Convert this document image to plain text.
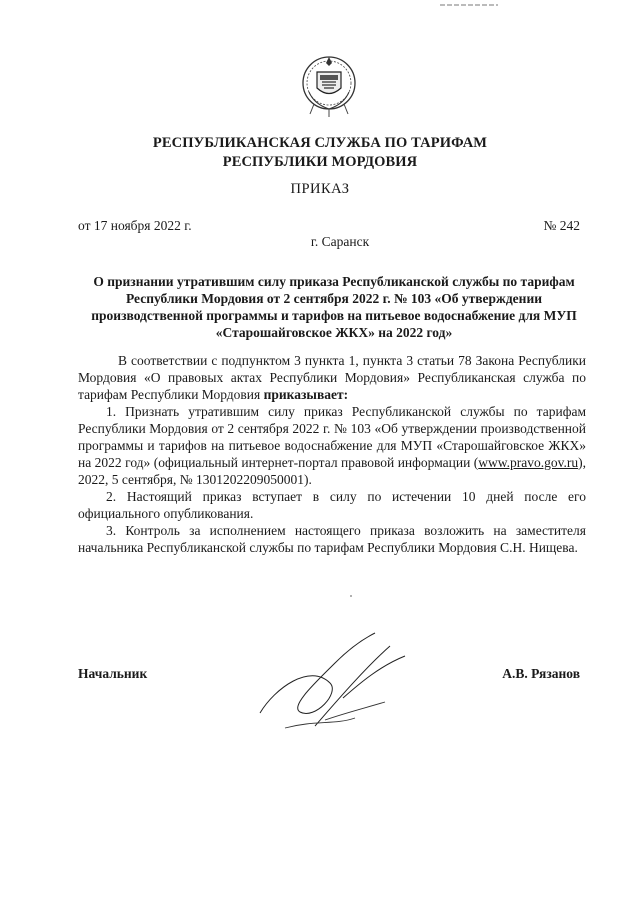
РЕСПУБЛИКАНСКАЯ СЛУЖБА ПО ТАРИФАМ
РЕСПУБЛИКИ МОРДОВИЯ
ПРИКАЗ
от 17 ноября 2022 г.	№ 242
г. Саранск
О признании утратившим силу приказа Республиканской службы по тарифам Республики Мордовия от 2 сентября 2022 г. № 103 «Об утверждении производственной программы и тарифов на питьевое водоснабжение для МУП «Старошайговское ЖКХ» на 2022 год»

В соответствии с подпунктом 3 пункта 1, пункта 3 статьи 78 Закона Республики Мордовия «О правовых актах Республики Мордовия» Республиканская служба по тарифам Республики Мордовия приказывает:

1. Признать утратившим силу приказ Республиканской службы по тарифам Республики Мордовия от 2 сентября 2022 г. № 103 «Об утверждении производственной программы и тарифов на питьевое водоснабжение для МУП «Старошайговское ЖКХ» на 2022 год» (официальный интернет-портал правовой информации (www.pravo.gov.ru), 2022, 5 сентября, № 1301202209050001).

2. Настоящий приказ вступает в силу по истечении 10 дней после его официального опубликования.

3. Контроль за исполнением настоящего приказа возложить на заместителя начальника Республиканской службы по тарифам Республики Мордовия С.Н. Нищева.

Начальник	А.В. Рязанов
